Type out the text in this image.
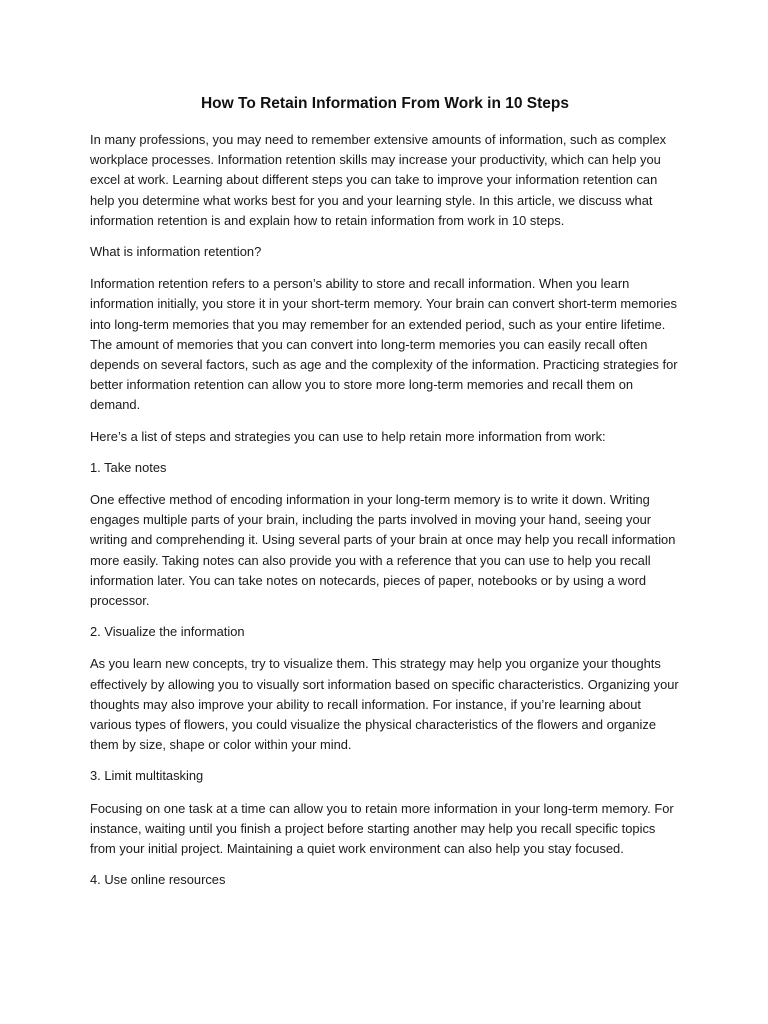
How To Retain Information From Work in 10 Steps
In many professions, you may need to remember extensive amounts of information, such as complex workplace processes. Information retention skills may increase your productivity, which can help you excel at work. Learning about different steps you can take to improve your information retention can help you determine what works best for you and your learning style. In this article, we discuss what information retention is and explain how to retain information from work in 10 steps.
What is information retention?
Information retention refers to a person’s ability to store and recall information. When you learn information initially, you store it in your short-term memory. Your brain can convert short-term memories into long-term memories that you may remember for an extended period, such as your entire lifetime. The amount of memories that you can convert into long-term memories you can easily recall often depends on several factors, such as age and the complexity of the information. Practicing strategies for better information retention can allow you to store more long-term memories and recall them on demand.
Here’s a list of steps and strategies you can use to help retain more information from work:
1. Take notes
One effective method of encoding information in your long-term memory is to write it down. Writing engages multiple parts of your brain, including the parts involved in moving your hand, seeing your writing and comprehending it. Using several parts of your brain at once may help you recall information more easily. Taking notes can also provide you with a reference that you can use to help you recall information later. You can take notes on notecards, pieces of paper, notebooks or by using a word processor.
2. Visualize the information
As you learn new concepts, try to visualize them. This strategy may help you organize your thoughts effectively by allowing you to visually sort information based on specific characteristics. Organizing your thoughts may also improve your ability to recall information. For instance, if you’re learning about various types of flowers, you could visualize the physical characteristics of the flowers and organize them by size, shape or color within your mind.
3. Limit multitasking
Focusing on one task at a time can allow you to retain more information in your long-term memory. For instance, waiting until you finish a project before starting another may help you recall specific topics from your initial project. Maintaining a quiet work environment can also help you stay focused.
4. Use online resources
